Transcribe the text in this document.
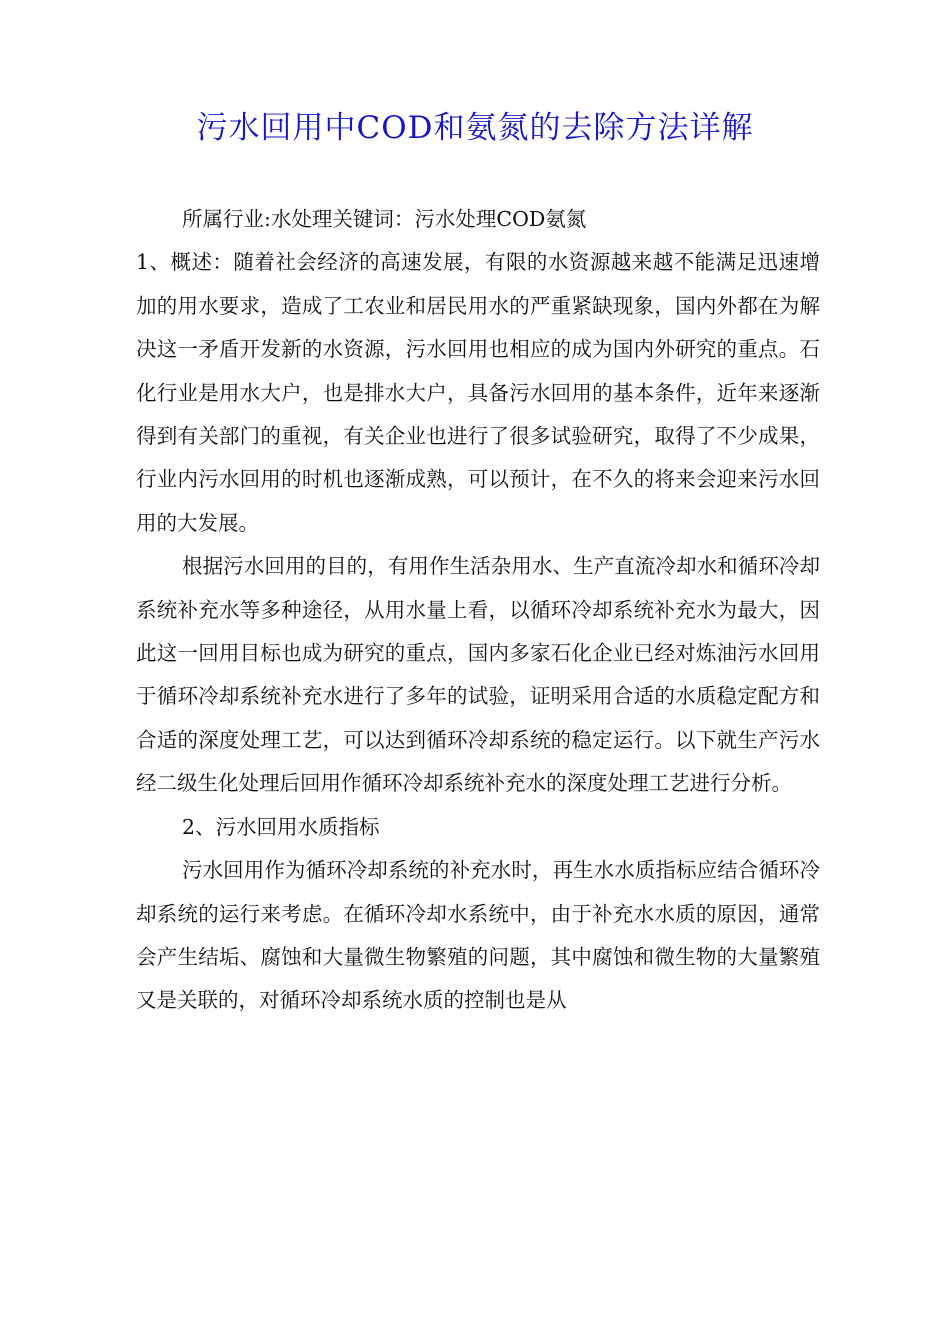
污水回用中COD和氨氮的去除方法详解

所属行业:水处理关键词：污水处理COD氨氮

1、概述：随着社会经济的高速发展，有限的水资源越来越不能满足迅速增加的用水要求，造成了工农业和居民用水的严重紧缺现象，国内外都在为解决这一矛盾开发新的水资源，污水回用也相应的成为国内外研究的重点。石化行业是用水大户，也是排水大户，具备污水回用的基本条件，近年来逐渐得到有关部门的重视，有关企业也进行了很多试验研究，取得了不少成果，行业内污水回用的时机也逐渐成熟，可以预计，在不久的将来会迎来污水回用的大发展。

根据污水回用的目的，有用作生活杂用水、生产直流冷却水和循环冷却系统补充水等多种途径，从用水量上看，以循环冷却系统补充水为最大，因此这一回用目标也成为研究的重点，国内多家石化企业已经对炼油污水回用于循环冷却系统补充水进行了多年的试验，证明采用合适的水质稳定配方和合适的深度处理工艺，可以达到循环冷却系统的稳定运行。以下就生产污水经二级生化处理后回用作循环冷却系统补充水的深度处理工艺进行分析。

2、污水回用水质指标

污水回用作为循环冷却系统的补充水时，再生水水质指标应结合循环冷却系统的运行来考虑。在循环冷却水系统中，由于补充水水质的原因，通常会产生结垢、腐蚀和大量微生物繁殖的问题，其中腐蚀和微生物的大量繁殖又是关联的，对循环冷却系统水质的控制也是从
